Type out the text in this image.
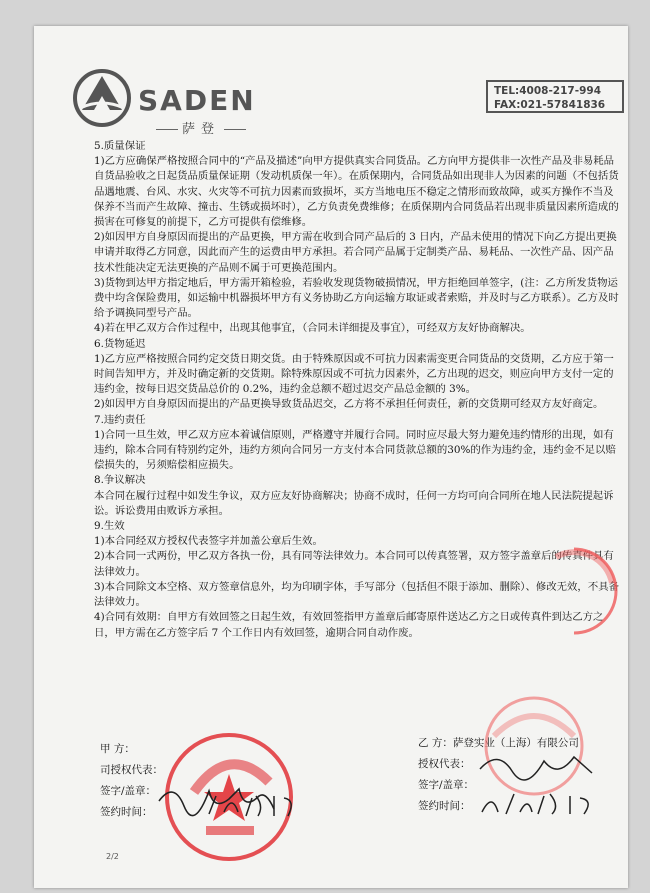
SADEN
萨登
TEL:4008-217-994
FAX:021-57841836

5.质量保证

1)乙方应确保严格按照合同中的“产品及描述”向甲方提供真实合同货品。乙方向甲方提供非一次性产品及非易耗品自货品验收之日起货品质量保证期（发动机质保一年）。在质保期内，合同货品如出现非人为因素的问题（不包括货品遇地震、台风、水灾、火灾等不可抗力因素而致损坏，买方当地电压不稳定之情形而致故障，或买方操作不当及保养不当而产生故障、撞击、生锈或损坏时），乙方负责免费维修；在质保期内合同货品若出现非质量因素所造成的损害在可修复的前提下，乙方可提供有偿维修。

2)如因甲方自身原因而提出的产品更换，甲方需在收到合同产品后的 3 日内，产品未使用的情况下向乙方提出更换申请并取得乙方同意，因此而产生的运费由甲方承担。若合同产品属于定制类产品、易耗品、一次性产品、因产品技术性能决定无法更换的产品则不属于可更换范围内。

3)货物到达甲方指定地后，甲方需开箱检验，若验收发现货物破损情况，甲方拒绝回单签字，(注：乙方所发货物运费中均含保险费用，如运输中机器损坏甲方有义务协助乙方向运输方取证或者索赔，并及时与乙方联系）。乙方及时给予调换同型号产品。

4)若在甲乙双方合作过程中，出现其他事宜，（合同未详细提及事宜），可经双方友好协商解决。

6.货物延迟

1)乙方应严格按照合同约定交货日期交货。由于特殊原因或不可抗力因素需变更合同货品的交货期，乙方应于第一时间告知甲方，并及时确定新的交货期。除特殊原因或不可抗力因素外，乙方出现的迟交，则应向甲方支付一定的违约金，按每日迟交货品总价的 0.2%，违约金总额不超过迟交产品总金额的 3%。

2)如因甲方自身原因而提出的产品更换导致货品迟交，乙方将不承担任何责任，新的交货期可经双方友好商定。

7.违约责任

1)合同一旦生效，甲乙双方应本着诚信原则，严格遵守并履行合同。同时应尽最大努力避免违约情形的出现，如有违约，除本合同有特别约定外，违约方须向合同另一方支付本合同货款总额的30%的作为违约金，违约金不足以赔偿损失的，另须赔偿相应损失。

8.争议解决

本合同在履行过程中如发生争议，双方应友好协商解决；协商不成时，任何一方均可向合同所在地人民法院提起诉讼。诉讼费用由败诉方承担。

9.生效

1)本合同经双方授权代表签字并加盖公章后生效。

2)本合同一式两份，甲乙双方各执一份，具有同等法律效力。本合同可以传真签署，双方签字盖章后的传真件具有法律效力。

3)本合同除文本空格、双方签章信息外，均为印刷字体，手写部分（包括但不限于添加、删除）、修改无效，不具备法律效力。

4)合同有效期：自甲方有效回签之日起生效，有效回签指甲方盖章后邮寄原件送达乙方之日或传真件到达乙方之日，甲方需在乙方签字后 7 个工作日内有效回签，逾期合同自动作废。

甲 方：
司授权代表：
签字/盖章：
签约时间：
乙 方：萨登实业（上海）有限公司
授权代表：
签字/盖章：
签约时间：
2/2
